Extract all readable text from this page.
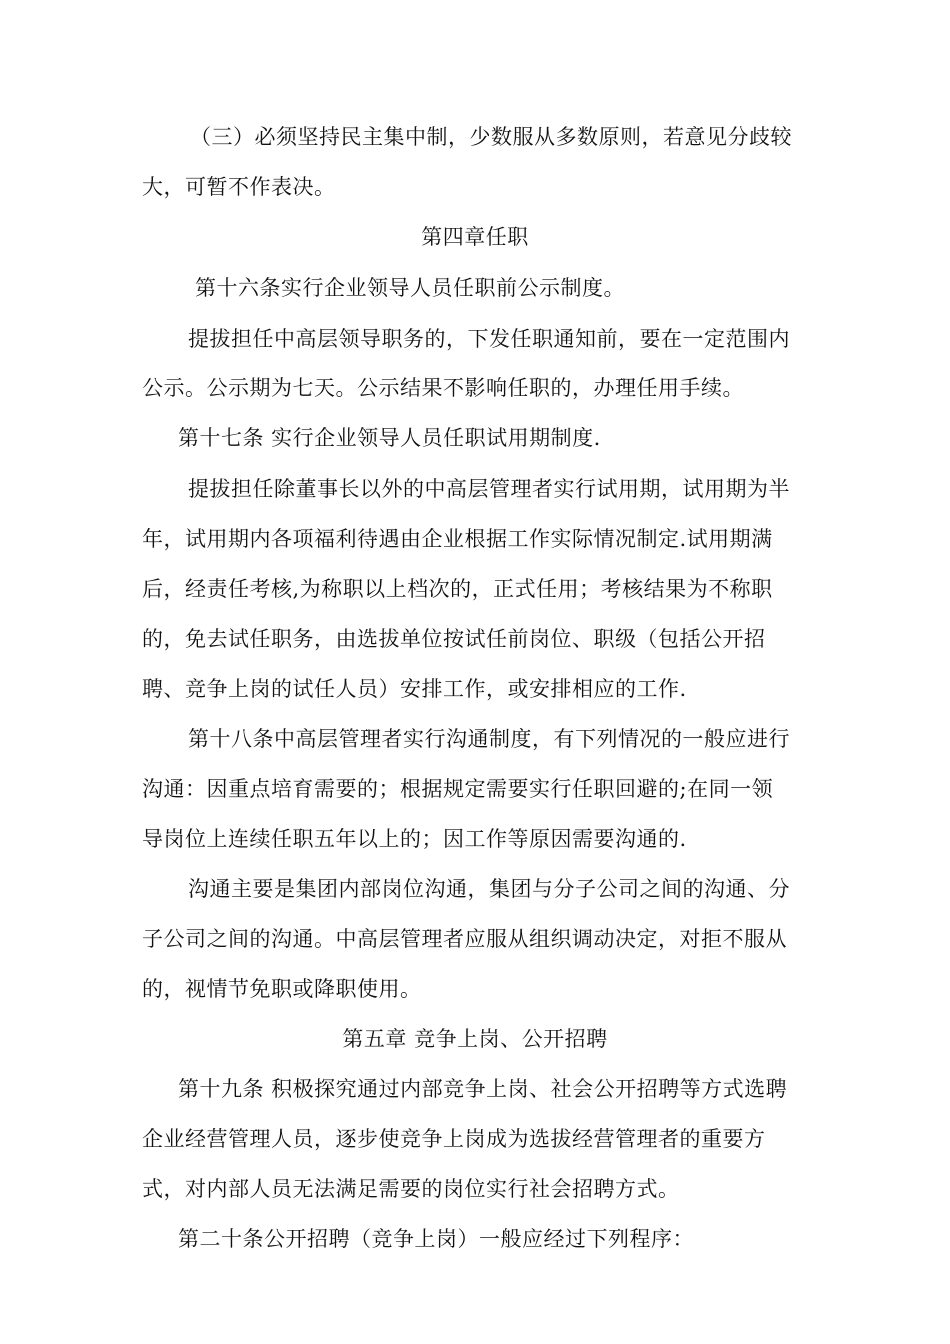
（三）必须坚持民主集中制，少数服从多数原则，若意见分歧较
大，可暂不作表决。
第四章任职
第十六条实行企业领导人员任职前公示制度。
提拔担任中高层领导职务的，下发任职通知前，要在一定范围内
公示。公示期为七天。公示结果不影响任职的，办理任用手续。
第十七条 实行企业领导人员任职试用期制度.
提拔担任除董事长以外的中高层管理者实行试用期，试用期为半
年，试用期内各项福利待遇由企业根据工作实际情况制定.试用期满
后，经责任考核,为称职以上档次的，正式任用；考核结果为不称职
的，免去试任职务，由选拔单位按试任前岗位、职级（包括公开招
聘、竞争上岗的试任人员）安排工作，或安排相应的工作.
第十八条中高层管理者实行沟通制度，有下列情况的一般应进行
沟通：因重点培育需要的；根据规定需要实行任职回避的;在同一领
导岗位上连续任职五年以上的；因工作等原因需要沟通的.
沟通主要是集团内部岗位沟通，集团与分子公司之间的沟通、分
子公司之间的沟通。中高层管理者应服从组织调动决定，对拒不服从
的，视情节免职或降职使用。
第五章 竞争上岗、公开招聘
第十九条 积极探究通过内部竞争上岗、社会公开招聘等方式选聘
企业经营管理人员，逐步使竞争上岗成为选拔经营管理者的重要方
式，对内部人员无法满足需要的岗位实行社会招聘方式。
第二十条公开招聘（竞争上岗）一般应经过下列程序：
